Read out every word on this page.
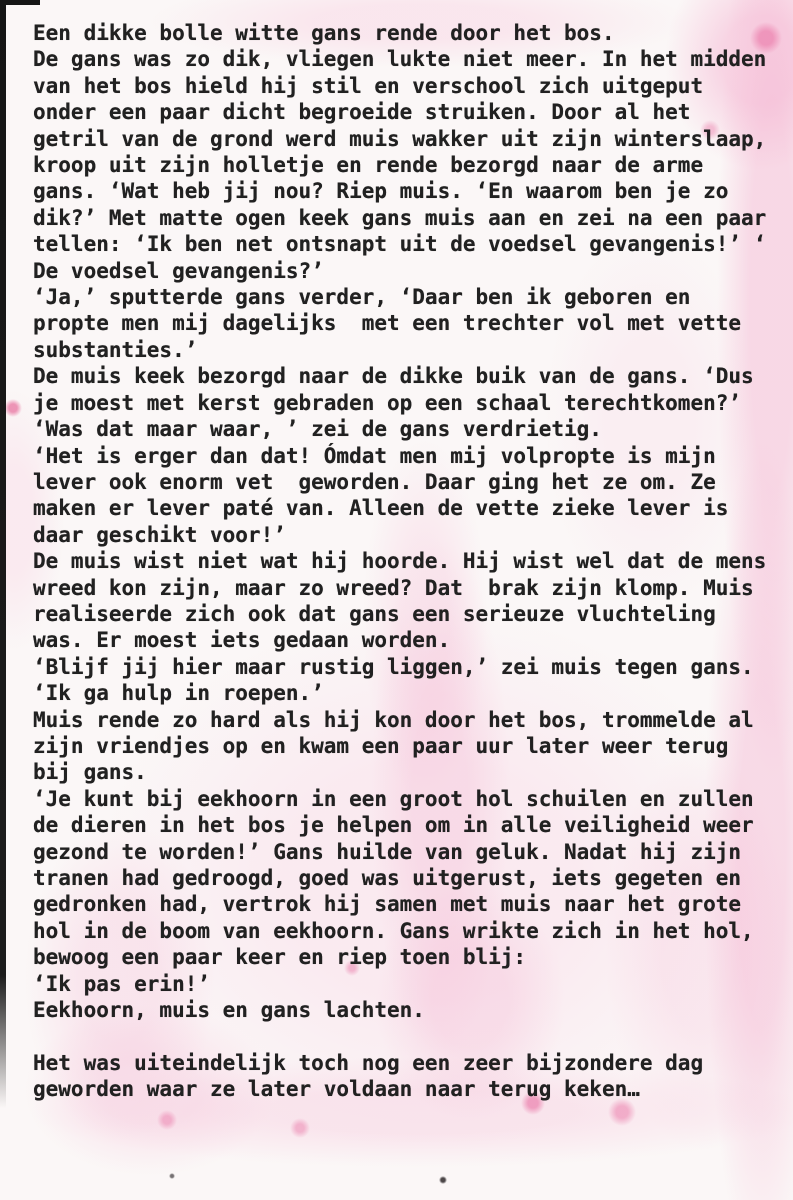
Een dikke bolle witte gans rende door het bos.
De gans was zo dik, vliegen lukte niet meer. In het midden
van het bos hield hij stil en verschool zich uitgeput
onder een paar dicht begroeide struiken. Door al het
getril van de grond werd muis wakker uit zijn winterslaap,
kroop uit zijn holletje en rende bezorgd naar de arme
gans. ‘Wat heb jij nou? Riep muis. ‘En waarom ben je zo
dik?’ Met matte ogen keek gans muis aan en zei na een paar
tellen: ‘Ik ben net ontsnapt uit de voedsel gevangenis!’ ‘
De voedsel gevangenis?’
‘Ja,’ sputterde gans verder, ‘Daar ben ik geboren en
propte men mij dagelijks  met een trechter vol met vette
substanties.’
De muis keek bezorgd naar de dikke buik van de gans. ‘Dus
je moest met kerst gebraden op een schaal terechtkomen?’
‘Was dat maar waar, ’ zei de gans verdrietig.
‘Het is erger dan dat! Ómdat men mij volpropte is mijn
lever ook enorm vet  geworden. Daar ging het ze om. Ze
maken er lever paté van. Alleen de vette zieke lever is
daar geschikt voor!’
De muis wist niet wat hij hoorde. Hij wist wel dat de mens
wreed kon zijn, maar zo wreed? Dat  brak zijn klomp. Muis
realiseerde zich ook dat gans een serieuze vluchteling
was. Er moest iets gedaan worden.
‘Blijf jij hier maar rustig liggen,’ zei muis tegen gans.
‘Ik ga hulp in roepen.’
Muis rende zo hard als hij kon door het bos, trommelde al
zijn vriendjes op en kwam een paar uur later weer terug
bij gans.
‘Je kunt bij eekhoorn in een groot hol schuilen en zullen
de dieren in het bos je helpen om in alle veiligheid weer
gezond te worden!’ Gans huilde van geluk. Nadat hij zijn
tranen had gedroogd, goed was uitgerust, iets gegeten en
gedronken had, vertrok hij samen met muis naar het grote
hol in de boom van eekhoorn. Gans wrikte zich in het hol,
bewoog een paar keer en riep toen blij:
‘Ik pas erin!’
Eekhoorn, muis en gans lachten.
Het was uiteindelijk toch nog een zeer bijzondere dag
geworden waar ze later voldaan naar terug keken…
